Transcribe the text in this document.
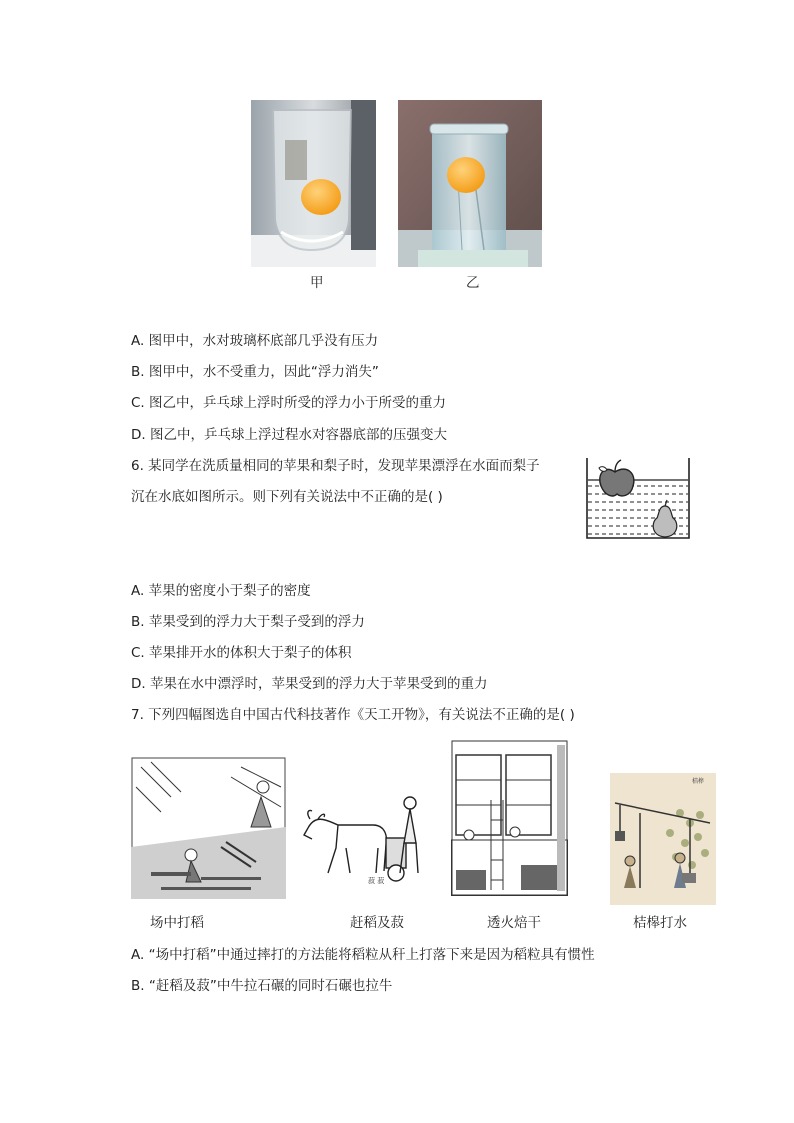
甲	乙
A. 图甲中，水对玻璃杯底部几乎没有压力
B. 图甲中，水不受重力，因此“浮力消失”
C. 图乙中，乒乓球上浮时所受的浮力小于所受的重力
D. 图乙中，乒乓球上浮过程水对容器底部的压强变大
6. 某同学在洗质量相同的苹果和梨子时，发现苹果漂浮在水面而梨子
沉在水底如图所示。则下列有关说法中不正确的是( )
A. 苹果的密度小于梨子的密度
B. 苹果受到的浮力大于梨子受到的浮力
C. 苹果排开水的体积大于梨子的体积
D. 苹果在水中漂浮时，苹果受到的浮力大于苹果受到的重力
7. 下列四幅图选自中国古代科技著作《天工开物》，有关说法不正确的是( )
场中打稻
菽 菽
赶稻及菽	透火焙干
桔槔
桔槔打水
A. “场中打稻”中通过摔打的方法能将稻粒从秆上打落下来是因为稻粒具有惯性
B. “赶稻及菽”中牛拉石碾的同时石碾也拉牛
